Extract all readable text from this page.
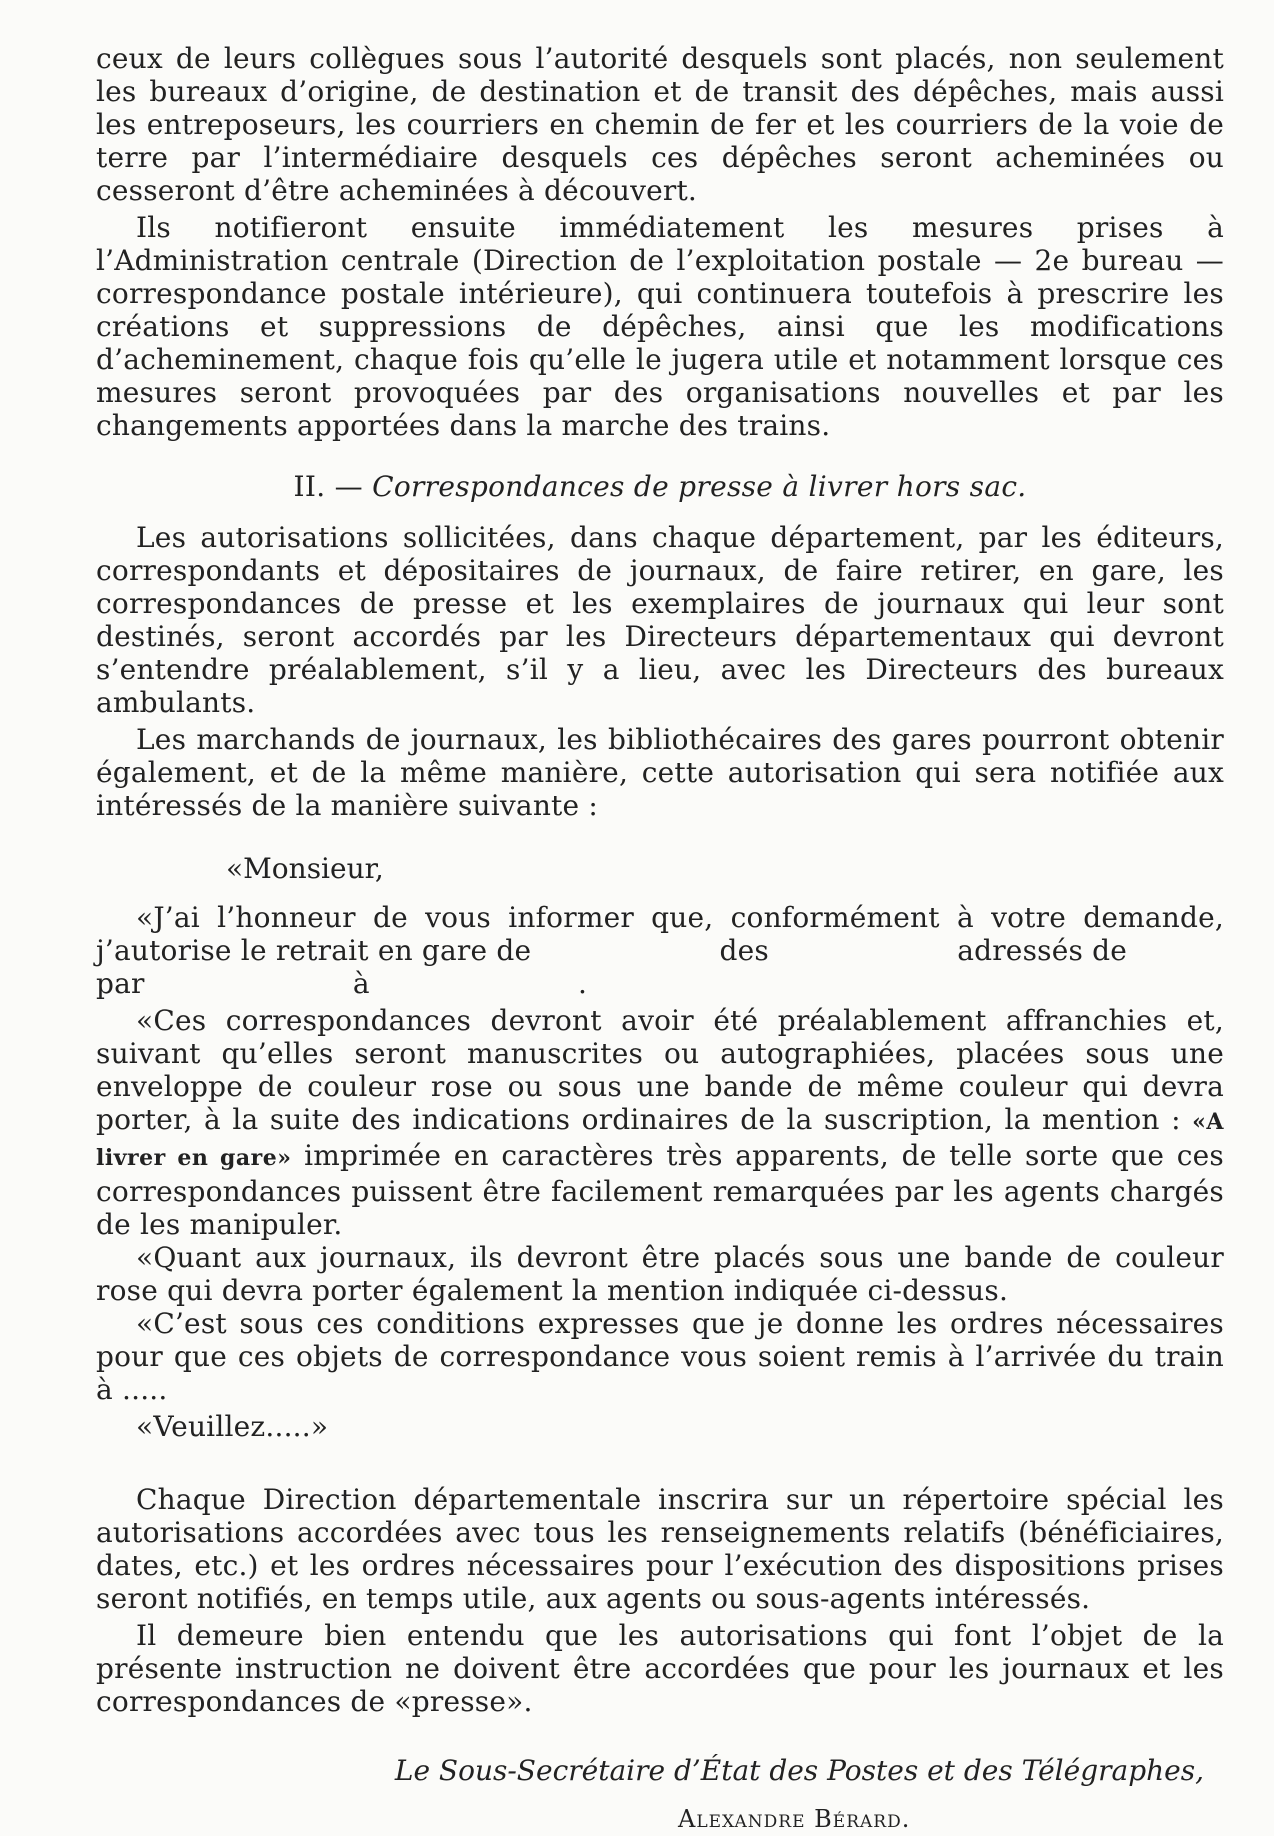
ceux de leurs collègues sous l’autorité desquels sont placés, non seulement les bureaux d’origine, de destination et de transit des dépêches, mais aussi les entreposeurs, les courriers en chemin de fer et les courriers de la voie de terre par l’intermédiaire desquels ces dépêches seront acheminées ou cesseront d’être acheminées à découvert.

Ils notifieront ensuite immédiatement les mesures prises à l’Administration centrale (Direction de l’exploitation postale — 2e bureau — correspondance postale intérieure), qui continuera toutefois à prescrire les créations et suppressions de dépêches, ainsi que les modifications d’acheminement, chaque fois qu’elle le jugera utile et notamment lorsque ces mesures seront provoquées par des organisations nouvelles et par les changements apportées dans la marche des trains.

II. — Correspondances de presse à livrer hors sac.

Les autorisations sollicitées, dans chaque département, par les éditeurs, correspondants et dépositaires de journaux, de faire retirer, en gare, les correspondances de presse et les exemplaires de journaux qui leur sont destinés, seront accordés par les Directeurs départementaux qui devront s’entendre préalablement, s’il y a lieu, avec les Directeurs des bureaux ambulants.

Les marchands de journaux, les bibliothécaires des gares pourront obtenir également, et de la même manière, cette autorisation qui sera notifiée aux intéressés de la manière suivante :

«Monsieur,

«J’ai l’honneur de vous informer que, conformément à votre demande, j’autorise le retrait en gare de	des	adressés de
par	à	.

«Ces correspondances devront avoir été préalablement affranchies et, suivant qu’elles seront manuscrites ou autographiées, placées sous une enveloppe de couleur rose ou sous une bande de même couleur qui devra porter, à la suite des indications ordinaires de la suscription, la mention : «A livrer en gare» imprimée en caractères très apparents, de telle sorte que ces correspondances puissent être facilement remarquées par les agents chargés de les manipuler.

«Quant aux journaux, ils devront être placés sous une bande de couleur rose qui devra porter également la mention indiquée ci-dessus.

«C’est sous ces conditions expresses que je donne les ordres nécessaires pour que ces objets de correspondance vous soient remis à l’arrivée du train à .....

«Veuillez.....»

Chaque Direction départementale inscrira sur un répertoire spécial les autorisations accordées avec tous les renseignements relatifs (bénéficiaires, dates, etc.) et les ordres nécessaires pour l’exécution des dispositions prises seront notifiés, en temps utile, aux agents ou sous-agents intéressés.

Il demeure bien entendu que les autorisations qui font l’objet de la présente instruction ne doivent être accordées que pour les journaux et les correspondances de «presse».

Le Sous-Secrétaire d’État des Postes et des Télégraphes,
Alexandre Bérard.
